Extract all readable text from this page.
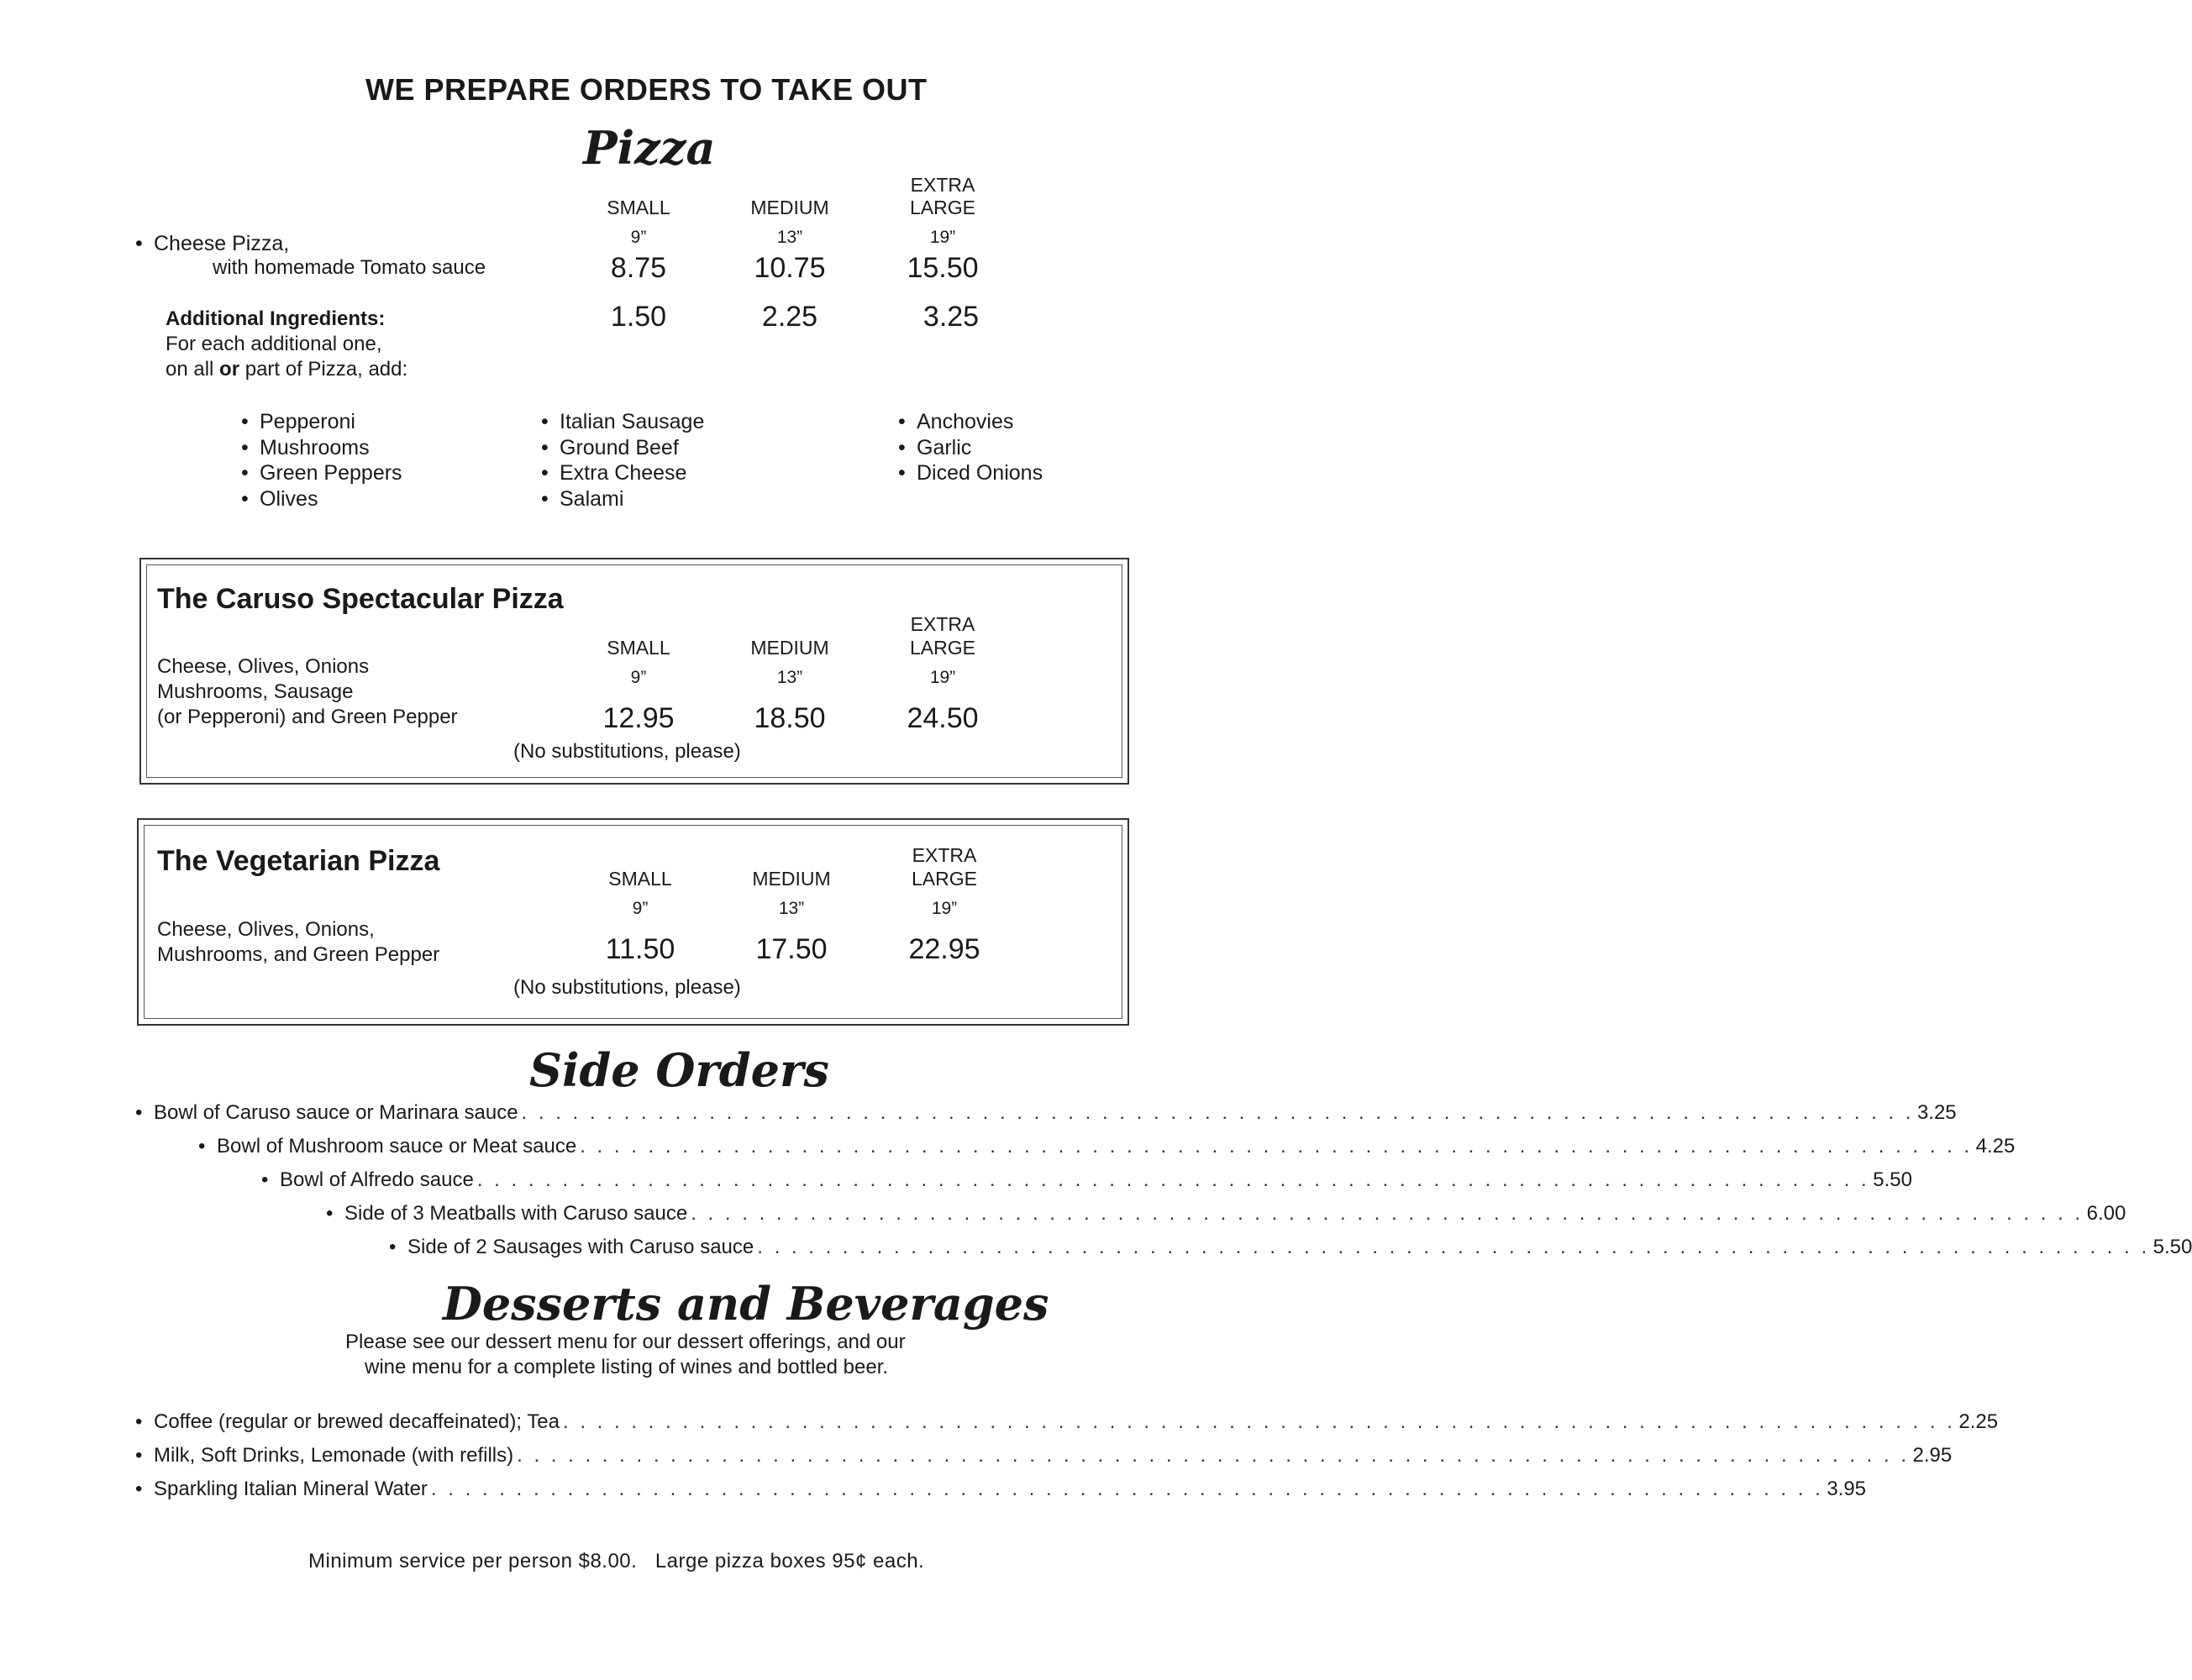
WE PREPARE ORDERS TO TAKE OUT
Pizza
EXTRA
SMALL	MEDIUM	LARGE
9”	13”	19”
• Cheese Pizza,
with homemade Tomato sauce	8.75	10.75	15.50
Additional Ingredients:
For each additional one,
on all or part of Pizza, add:
1.50	2.25	3.25
• Pepperoni
• Mushrooms
• Green Peppers
• Olives
• Italian Sausage
• Ground Beef
• Extra Cheese
• Salami
• Anchovies
• Garlic
• Diced Onions
The Caruso Spectacular Pizza
EXTRA
SMALL	MEDIUM	LARGE
9”	13”	19”
Cheese, Olives, Onions
Mushrooms, Sausage
(or Pepperoni) and Green Pepper	12.95	18.50	24.50
(No substitutions, please)
The Vegetarian Pizza	EXTRA
SMALL	MEDIUM	LARGE
9”	13”	19”
Cheese, Olives, Onions,
Mushrooms, and Green Pepper	11.50	17.50	22.95
(No substitutions, please)
Side Orders
• Bowl of Caruso sauce or Marinara sauce . . . . . . . . . . . . . . . . . . . . . . . . . . . . . . . . . . . . . . . . . . . . . . . . . . . . . . . . . . . . . . . . . . . . . . . . . . . . . . . . . . 3.25
• Bowl of Mushroom sauce or Meat sauce . . . . . . . . . . . . . . . . . . . . . . . . . . . . . . . . . . . . . . . . . . . . . . . . . . . . . . . . . . . . . . . . . . . . . . . . . . . . . . . . . . 4.25
• Bowl of Alfredo sauce . . . . . . . . . . . . . . . . . . . . . . . . . . . . . . . . . . . . . . . . . . . . . . . . . . . . . . . . . . . . . . . . . . . . . . . . . . . . . . . . . . 5.50
• Side of 3 Meatballs with Caruso sauce . . . . . . . . . . . . . . . . . . . . . . . . . . . . . . . . . . . . . . . . . . . . . . . . . . . . . . . . . . . . . . . . . . . . . . . . . . . . . . . . . . 6.00
• Side of 2 Sausages with Caruso sauce . . . . . . . . . . . . . . . . . . . . . . . . . . . . . . . . . . . . . . . . . . . . . . . . . . . . . . . . . . . . . . . . . . . . . . . . . . . . . . . . . . 5.50
Desserts and Beverages
Please see our dessert menu for our dessert offerings, and our
wine menu for a complete listing of wines and bottled beer.
• Coffee (regular or brewed decaffeinated); Tea . . . . . . . . . . . . . . . . . . . . . . . . . . . . . . . . . . . . . . . . . . . . . . . . . . . . . . . . . . . . . . . . . . . . . . . . . . . . . . . . . . 2.25
• Milk, Soft Drinks, Lemonade (with refills) . . . . . . . . . . . . . . . . . . . . . . . . . . . . . . . . . . . . . . . . . . . . . . . . . . . . . . . . . . . . . . . . . . . . . . . . . . . . . . . . . . 2.95
• Sparkling Italian Mineral Water . . . . . . . . . . . . . . . . . . . . . . . . . . . . . . . . . . . . . . . . . . . . . . . . . . . . . . . . . . . . . . . . . . . . . . . . . . . . . . . . . . 3.95
Minimum service per person $8.00.   Large pizza boxes 95¢ each.
